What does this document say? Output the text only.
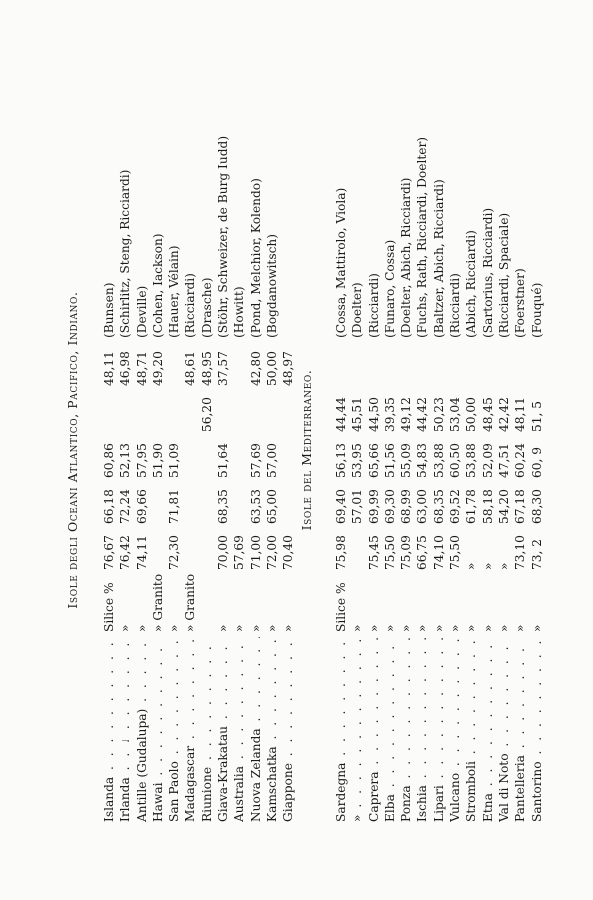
Isole degli Oceani Atlantico, Pacifico, Indiano.
Islanda . . .
Silice %
76,67
66,18
60,86
48,11
(Bunsen)
Irlanda . . .
»
76,42
72,24
52,13
46,98
(Schirlitz, Steng, Ricciardi)
Antille (Gudalupa) . . .
»
74,11
69,66
57,95
48,71
(Deville)
Hawai . . .
» Granito
51,90
49,20
(Cohen, Iackson)
San Paolo . . .
»
72,30
71,81
51,09
(Hauer, Vélain)
Madagascar . . .
» Granito
48,61
(Ricciardi)
Riunione . . .
56,20
48,95
(Drasche)
Giava-Krakatau . . .
»
70,00
68,35
51,64
37,57
(Stöhr, Schweizer, de Burg Iudd)
Australia . . .
»
57,69
(Howitt)
Nuova Zelanda . . .
»
71,00
63,53
57,69
42,80
(Pond, Melchior, Kolendo)
Kamschatka . . .
»
72,00
65,00
57,00
50,00
(Bogdanowitsch)
Giappone . . .
»
70,40
48,97
Isole del Mediterraneo.
Sardegna . . .
Silice %
75,98
69,40
56,13
44,44
(Cossa, Mattirolo, Viola)
» . . .
»
57,01
53,95
45,51
(Doelter)
Caprera . . .
»
75,45
69,99
65,66
44,50
(Ricciardi)
Elba . . .
»
75,50
69,30
51,56
39,35
(Funaro, Cossa)
Ponza . . .
»
75,09
68,99
55,09
49,12
(Doelter, Abich, Ricciardi)
Ischia . . .
»
66,75
63,00
54,83
44,42
(Fuchs, Rath, Ricciardi, Doelter)
Lipari . . .
»
74,10
68,35
53,88
50,23
(Baltzer, Abich, Ricciardi)
Vulcano . . .
»
75,50
69,52
60,50
53,04
(Ricciardi)
Stromboli . . .
»
»
61,78
53,88
50,00
(Abich, Ricciardi)
Etna . . .
»
»
58,18
52,09
48,45
(Sartorius, Ricciardi)
Val di Noto . . .
»
»
54,20
47,51
42,42
(Ricciardi, Spaciale)
Pantelleria . . .
»
73,10
67,18
60,24
48,11
(Foerstner)
Santorino . . .
»
73, 2
68,30
60, 9
51, 5
(Fouqué)
